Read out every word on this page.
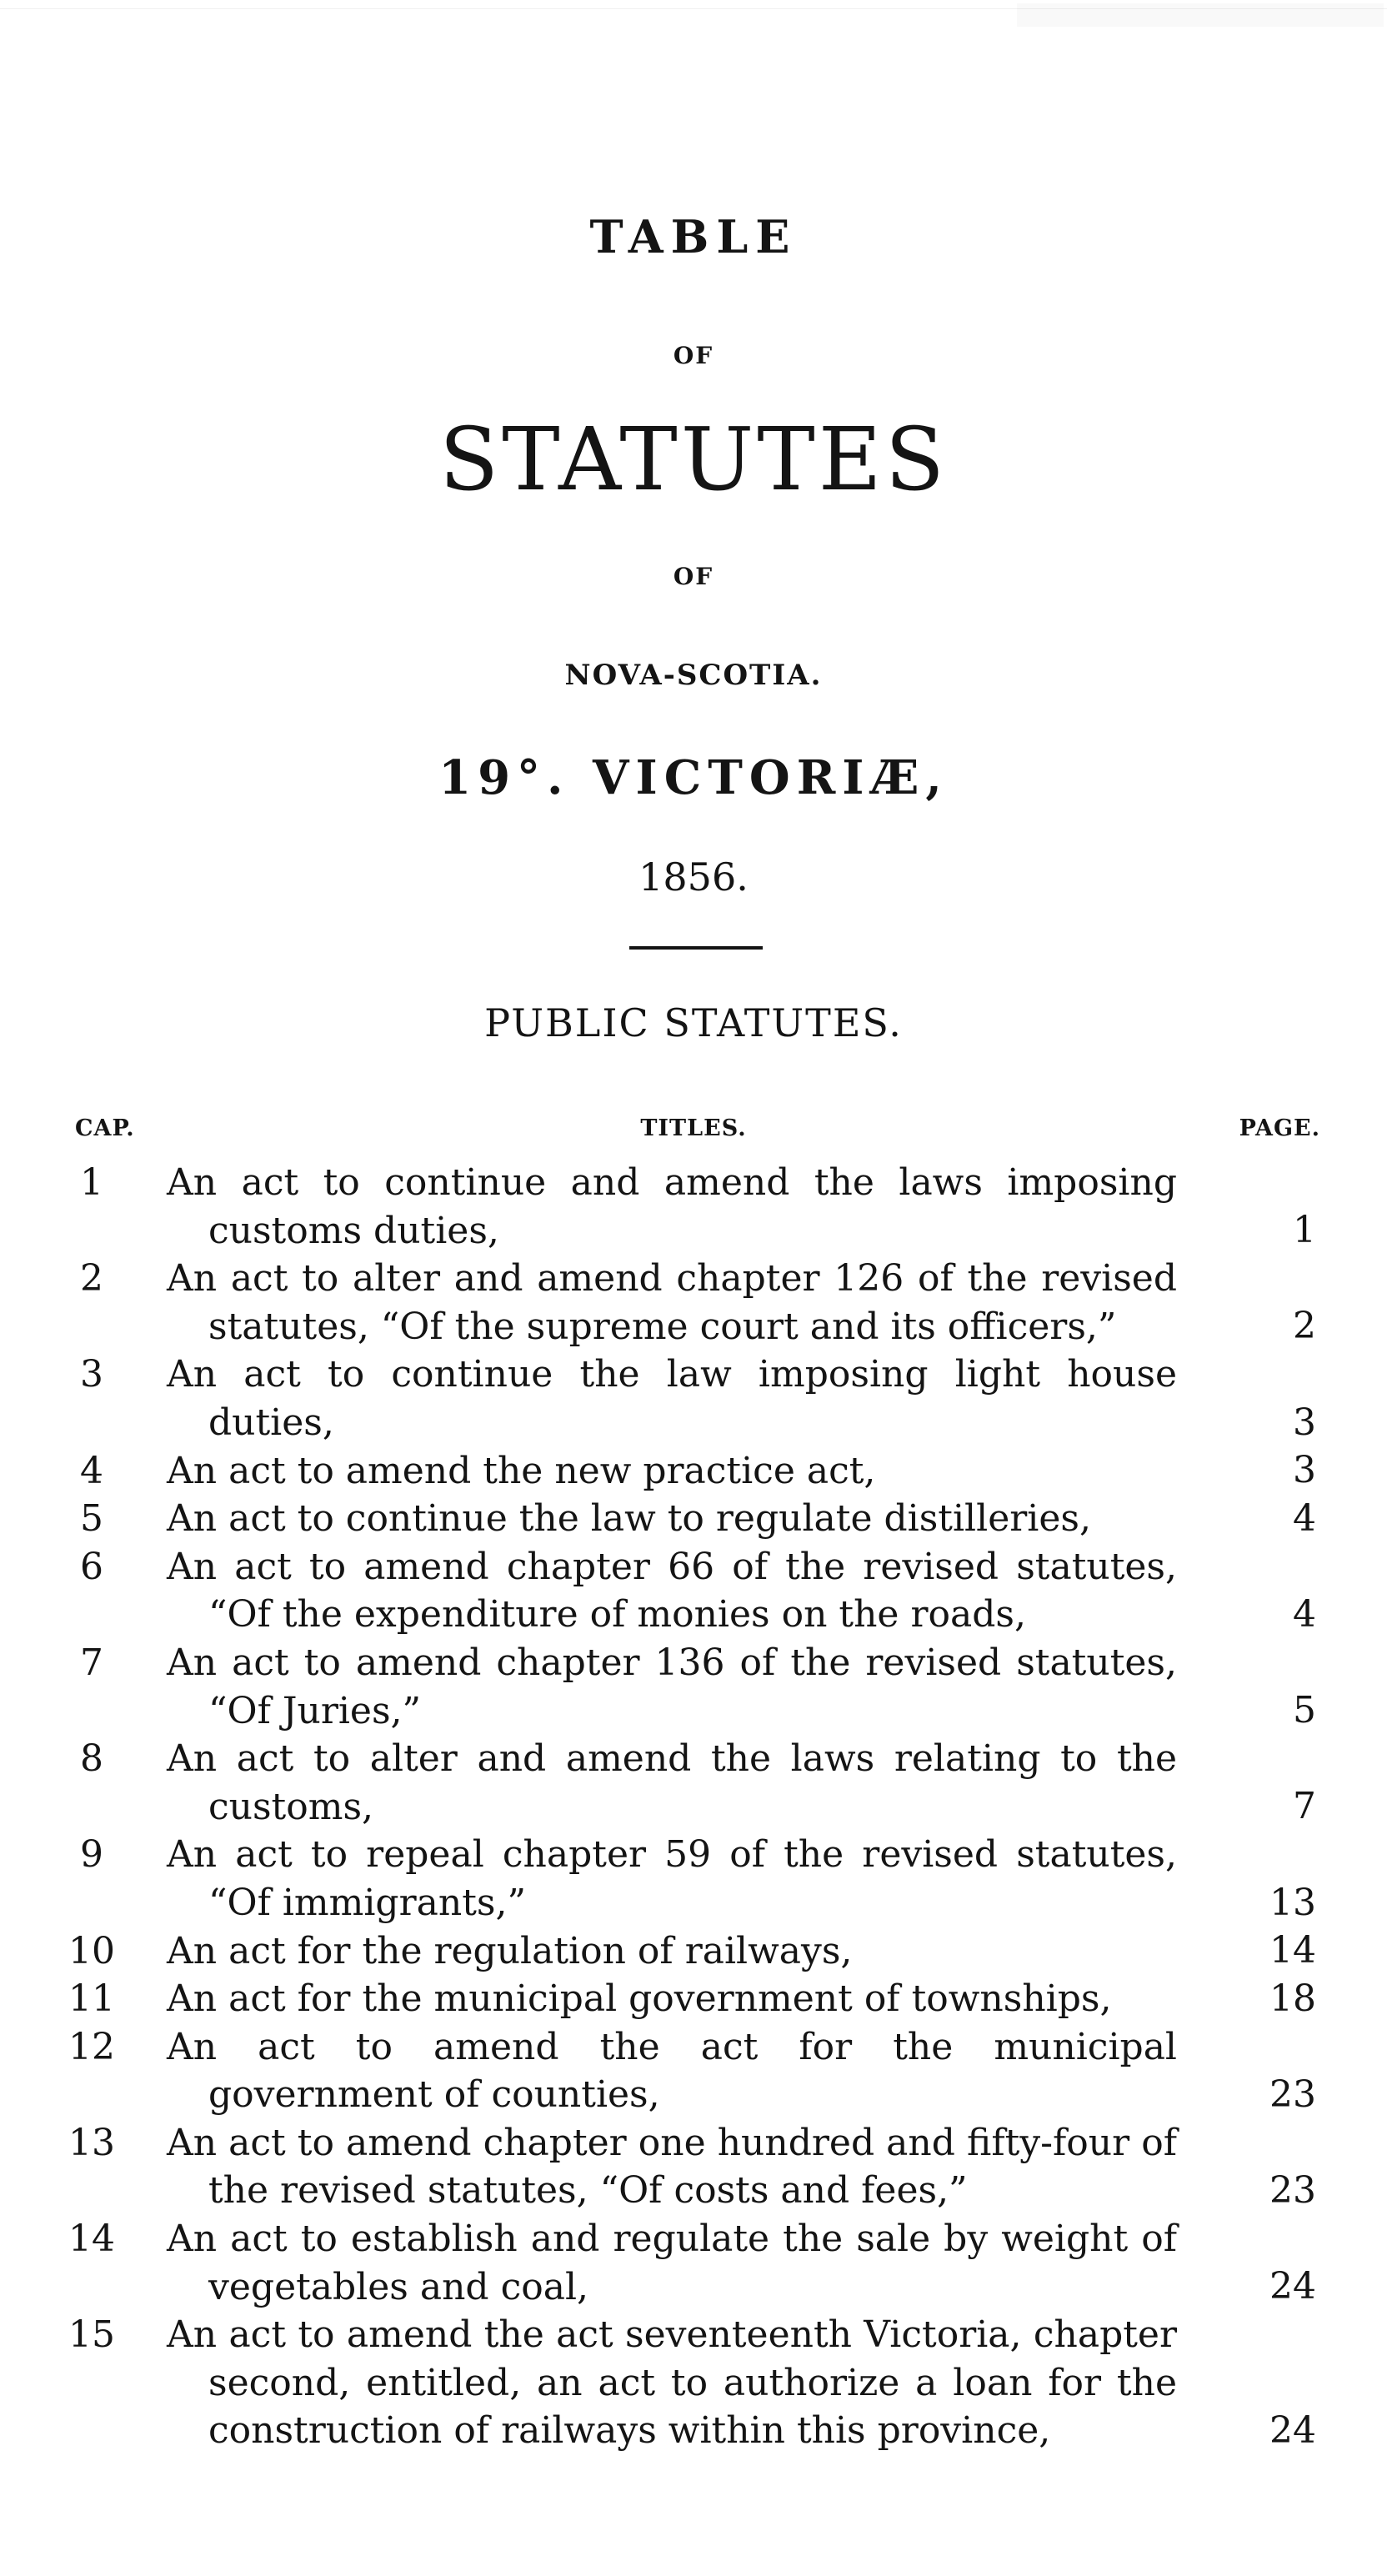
TABLE
OF
STATUTES
OF
NOVA-SCOTIA.
19°. VICTORIÆ,
1856.
PUBLIC STATUTES.
CAP.	TITLES.	PAGE.
1	An act to continue and amend the laws imposing customs duties,	1
2	An act to alter and amend chapter 126 of the revised statutes, “Of the supreme court and its officers,”	2
3	An act to continue the law imposing light house duties,	3
4	An act to amend the new practice act,	3
5	An act to continue the law to regulate distilleries,	4
6	An act to amend chapter 66 of the revised statutes, “Of the expenditure of monies on the roads,	4
7	An act to amend chapter 136 of the revised statutes, “Of Juries,”	5
8	An act to alter and amend the laws relating to the customs,	7
9	An act to repeal chapter 59 of the revised statutes, “Of immigrants,”	13
10 An act for the regulation of railways,	14
11 An act for the municipal government of townships,	18
12 An act to amend the act for the municipal government of counties,	23
13 An act to amend chapter one hundred and fifty-four of the revised statutes, “Of costs and fees,”	23
14 An act to establish and regulate the sale by weight of vegetables and coal,	24
15 An act to amend the act seventeenth Victoria, chapter second, entitled, an act to authorize a loan for the construction of railways within this province,	24
